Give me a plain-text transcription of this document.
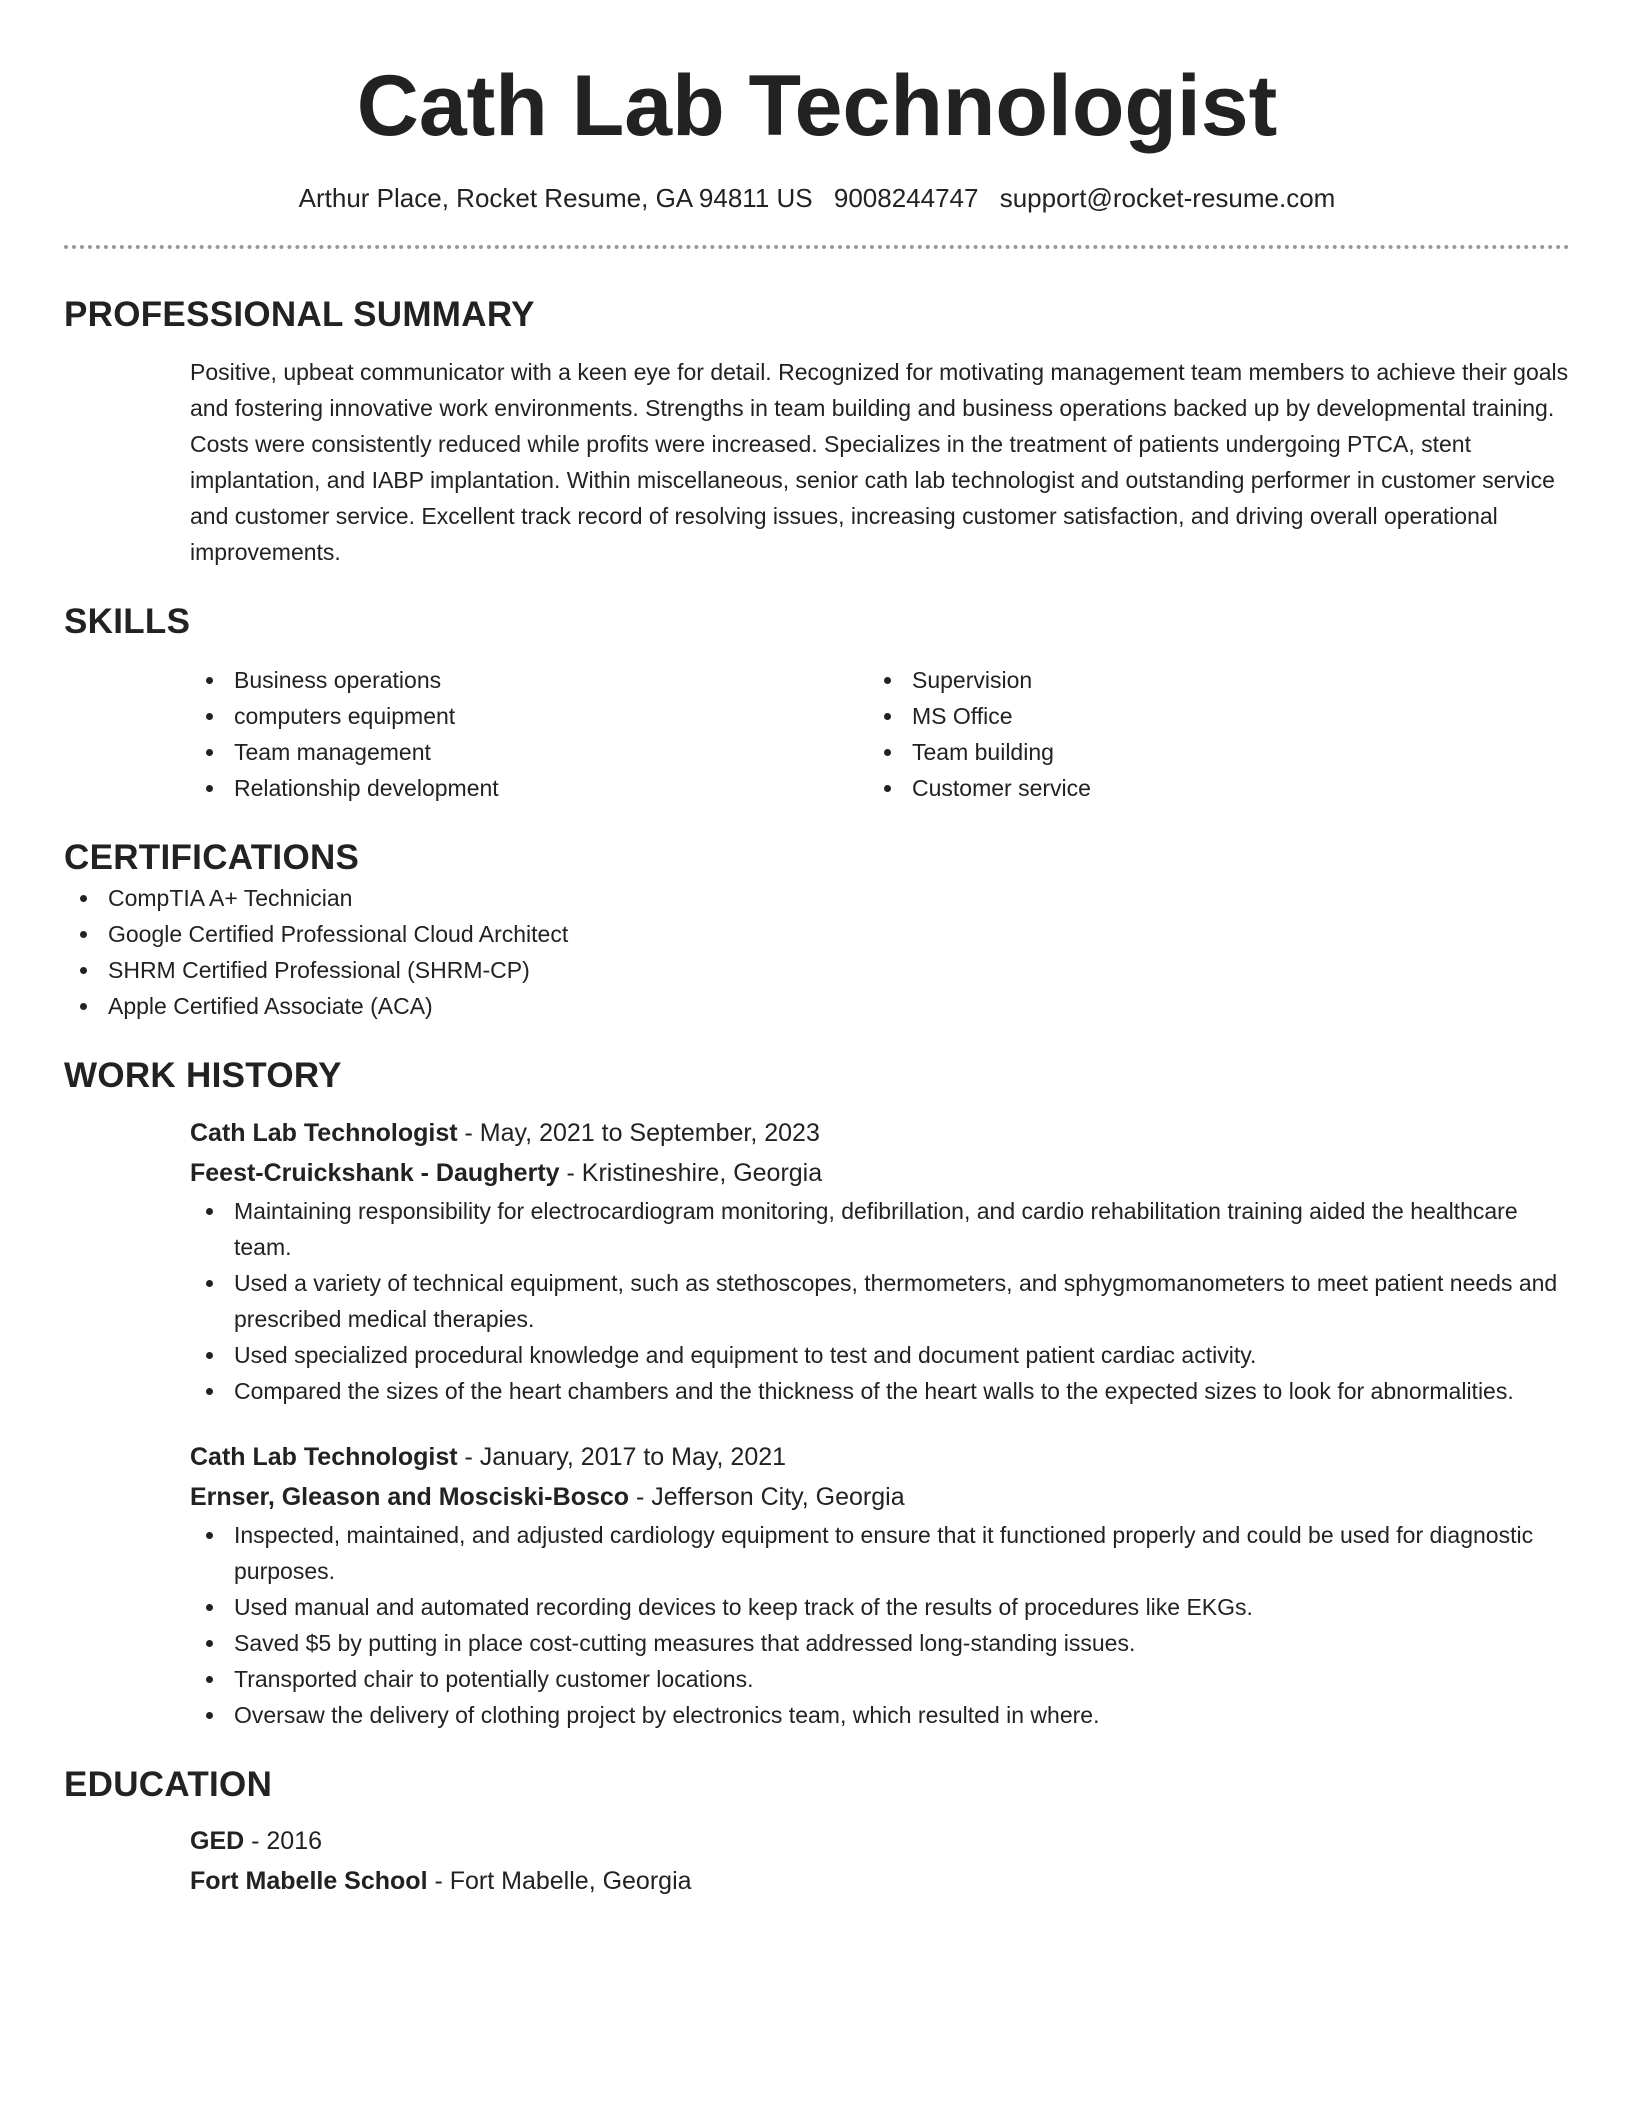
Cath Lab Technologist
Arthur Place, Rocket Resume, GA 94811 US 9008244747 support@rocket-resume.com
PROFESSIONAL SUMMARY

Positive, upbeat communicator with a keen eye for detail. Recognized for motivating management team members to achieve their goals and fostering innovative work environments. Strengths in team building and business operations backed up by developmental training. Costs were consistently reduced while profits were increased. Specializes in the treatment of patients undergoing PTCA, stent implantation, and IABP implantation. Within miscellaneous, senior cath lab technologist and outstanding performer in customer service and customer service. Excellent track record of resolving issues, increasing customer satisfaction, and driving overall operational improvements.

SKILLS
Business operations
computers equipment
Team management
Relationship development
Supervision
MS Office
Team building
Customer service
CERTIFICATIONS
CompTIA A+ Technician
Google Certified Professional Cloud Architect
SHRM Certified Professional (SHRM-CP)
Apple Certified Associate (ACA)
WORK HISTORY
Cath Lab Technologist - May, 2021 to September, 2023
Feest-Cruickshank - Daugherty - Kristineshire, Georgia
Maintaining responsibility for electrocardiogram monitoring, defibrillation, and cardio rehabilitation training aided the healthcare team.
Used a variety of technical equipment, such as stethoscopes, thermometers, and sphygmomanometers to meet patient needs and prescribed medical therapies.
Used specialized procedural knowledge and equipment to test and document patient cardiac activity.
Compared the sizes of the heart chambers and the thickness of the heart walls to the expected sizes to look for abnormalities.
Cath Lab Technologist - January, 2017 to May, 2021
Ernser, Gleason and Mosciski-Bosco - Jefferson City, Georgia
Inspected, maintained, and adjusted cardiology equipment to ensure that it functioned properly and could be used for diagnostic purposes.
Used manual and automated recording devices to keep track of the results of procedures like EKGs.
Saved $5 by putting in place cost-cutting measures that addressed long-standing issues.
Transported chair to potentially customer locations.
Oversaw the delivery of clothing project by electronics team, which resulted in where.
EDUCATION
GED - 2016
Fort Mabelle School - Fort Mabelle, Georgia
